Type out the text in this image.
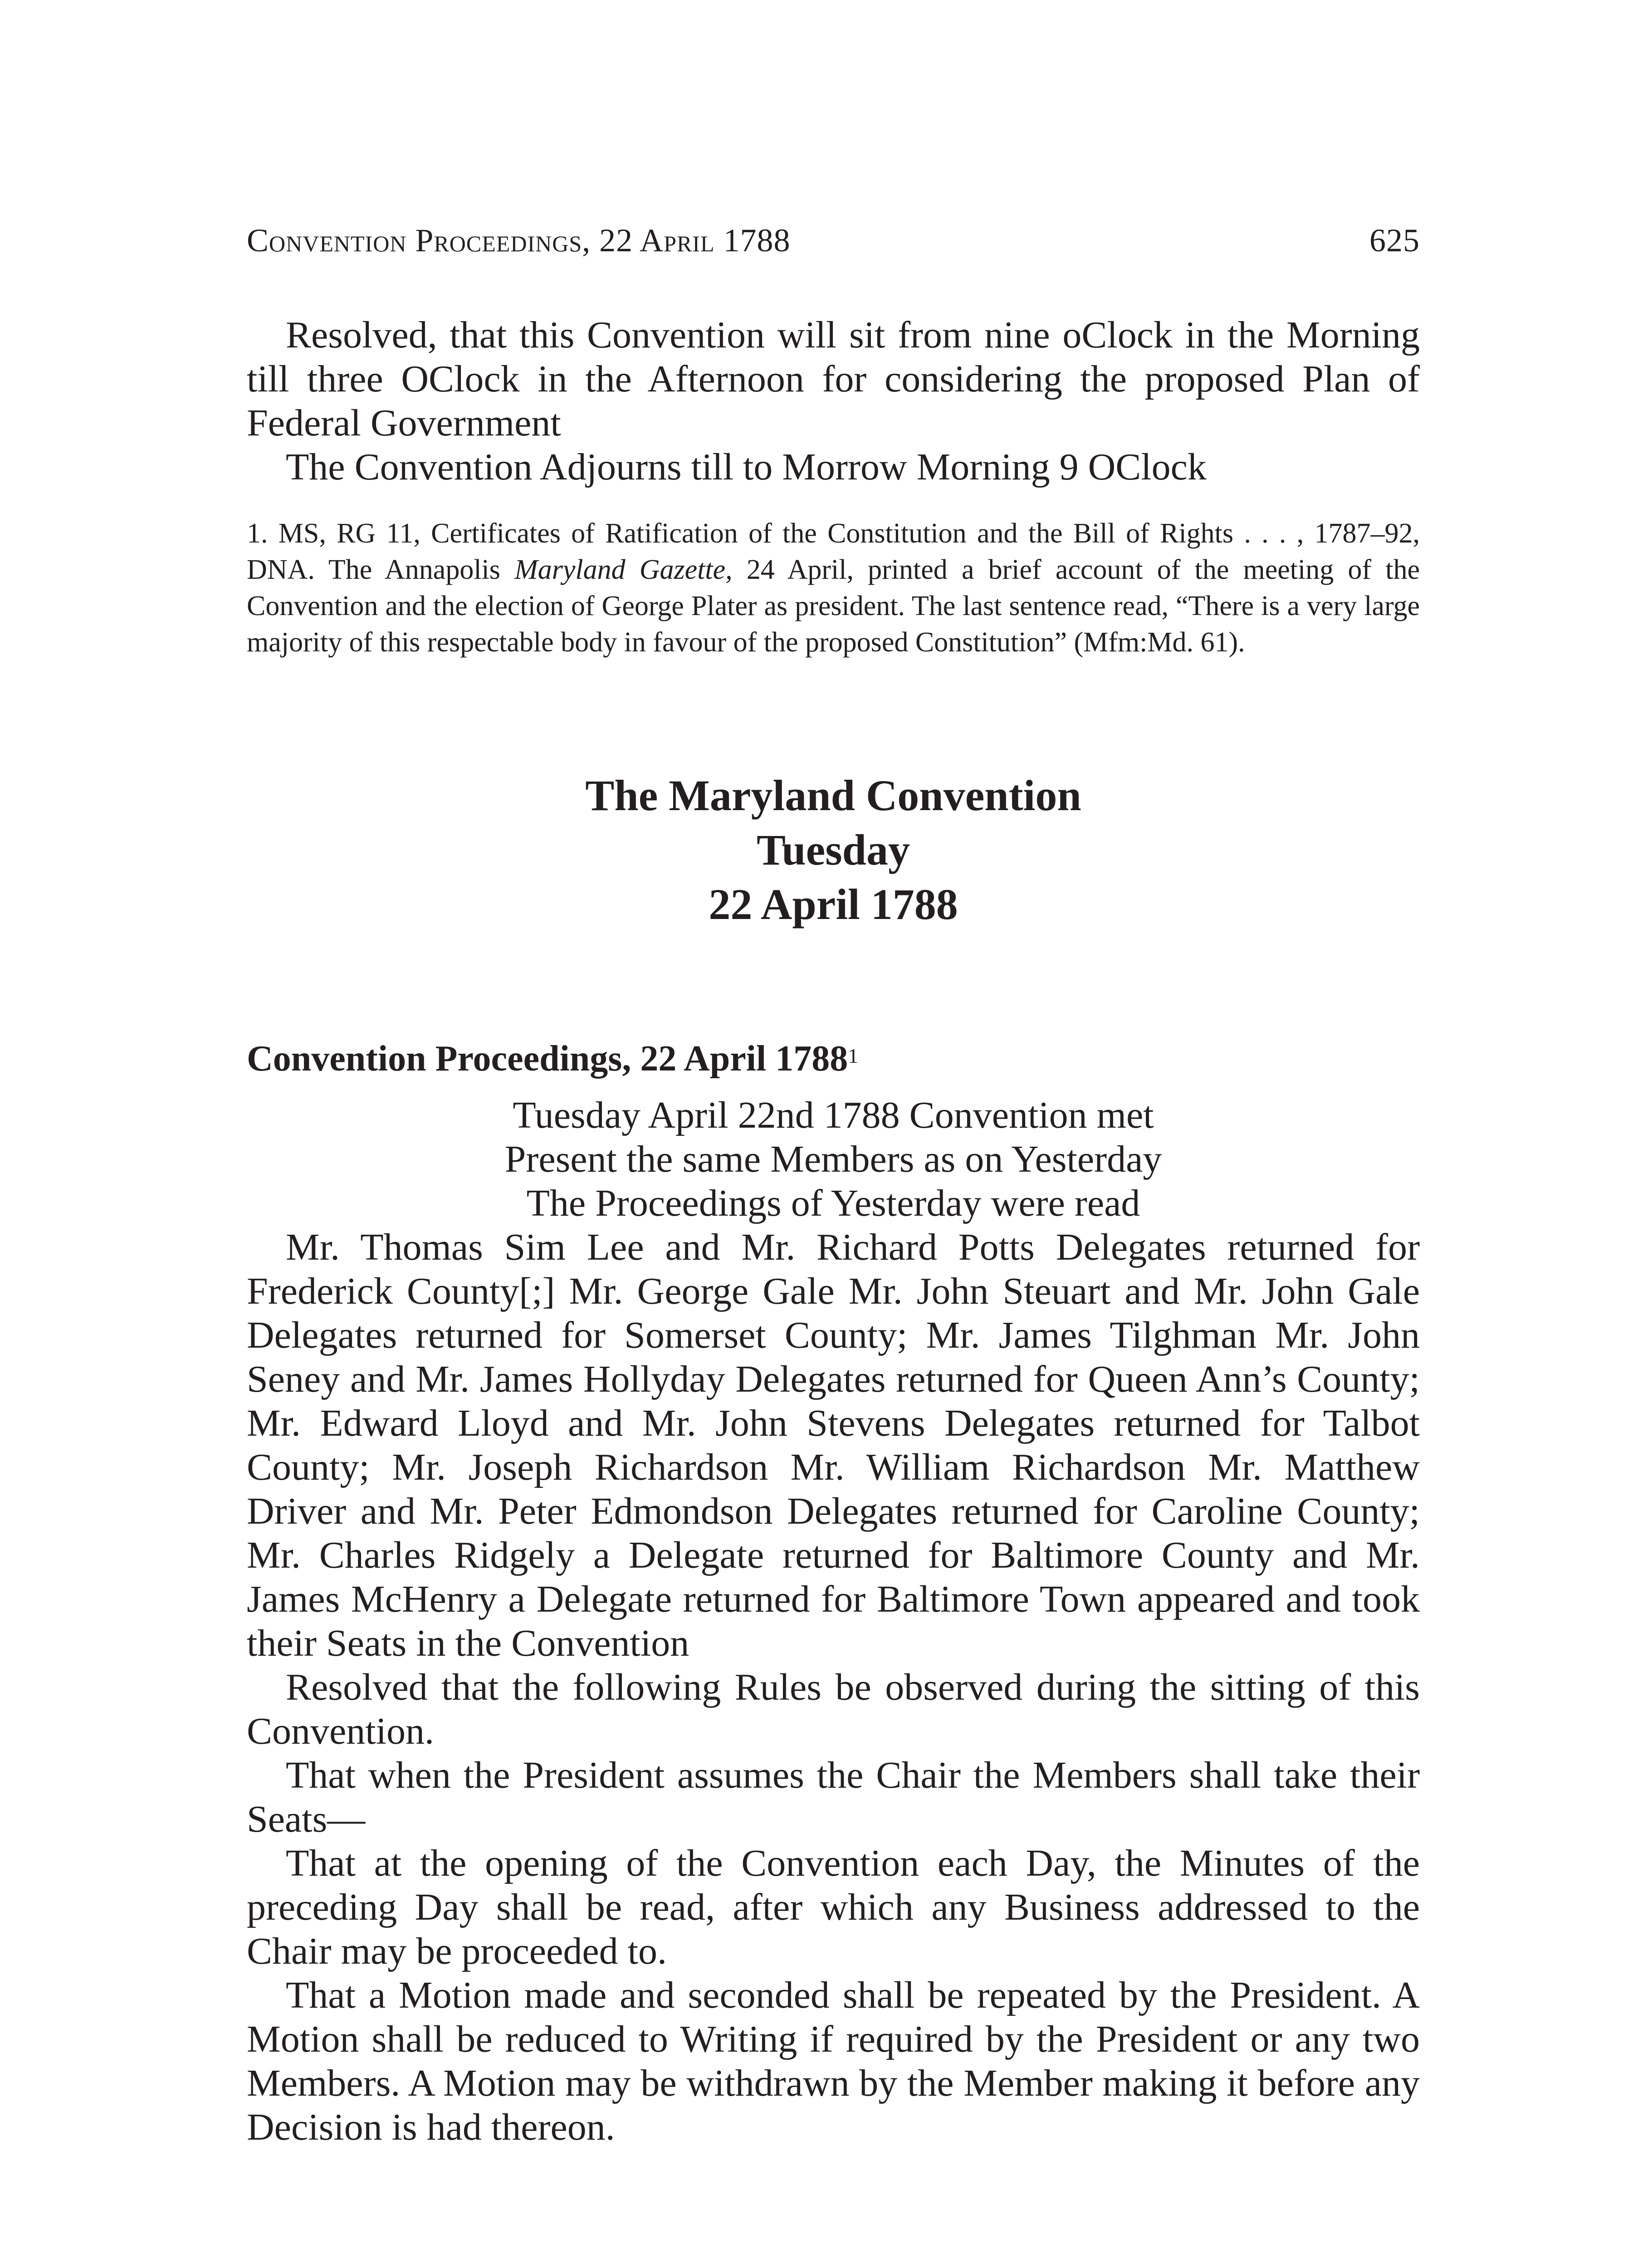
Convention Proceedings, 22 April 1788	625

Resolved, that this Convention will sit from nine oClock in the Morning till three OClock in the Afternoon for considering the proposed Plan of Federal Government

The Convention Adjourns till to Morrow Morning 9 OClock

1. MS, RG 11, Certificates of Ratification of the Constitution and the Bill of Rights . . . , 1787–92, DNA. The Annapolis Maryland Gazette, 24 April, printed a brief account of the meeting of the Convention and the election of George Plater as president. The last sentence read, “There is a very large majority of this respectable body in favour of the proposed Constitution” (Mfm:Md. 61).

The Maryland Convention
Tuesday
22 April 1788
Convention Proceedings, 22 April 1788$^1$

Tuesday April 22nd 1788 Convention met

Present the same Members as on Yesterday

The Proceedings of Yesterday were read

Mr. Thomas Sim Lee and Mr. Richard Potts Delegates returned for Frederick County[;] Mr. George Gale Mr. John Steuart and Mr. John Gale Delegates returned for Somerset County; Mr. James Tilghman Mr. John Seney and Mr. James Hollyday Delegates returned for Queen Ann’s County; Mr. Edward Lloyd and Mr. John Stevens Delegates returned for Talbot County; Mr. Joseph Richardson Mr. William Richardson Mr. Matthew Driver and Mr. Peter Edmondson Delegates returned for Caroline County; Mr. Charles Ridgely a Delegate returned for Baltimore County and Mr. James McHenry a Delegate returned for Baltimore Town appeared and took their Seats in the Convention

Resolved that the following Rules be observed during the sitting of this Convention.

That when the President assumes the Chair the Members shall take their Seats—

That at the opening of the Convention each Day, the Minutes of the preceding Day shall be read, after which any Business addressed to the Chair may be proceeded to.

That a Motion made and seconded shall be repeated by the President. A Motion shall be reduced to Writing if required by the President or any two Members. A Motion may be withdrawn by the Member making it before any Decision is had thereon.
